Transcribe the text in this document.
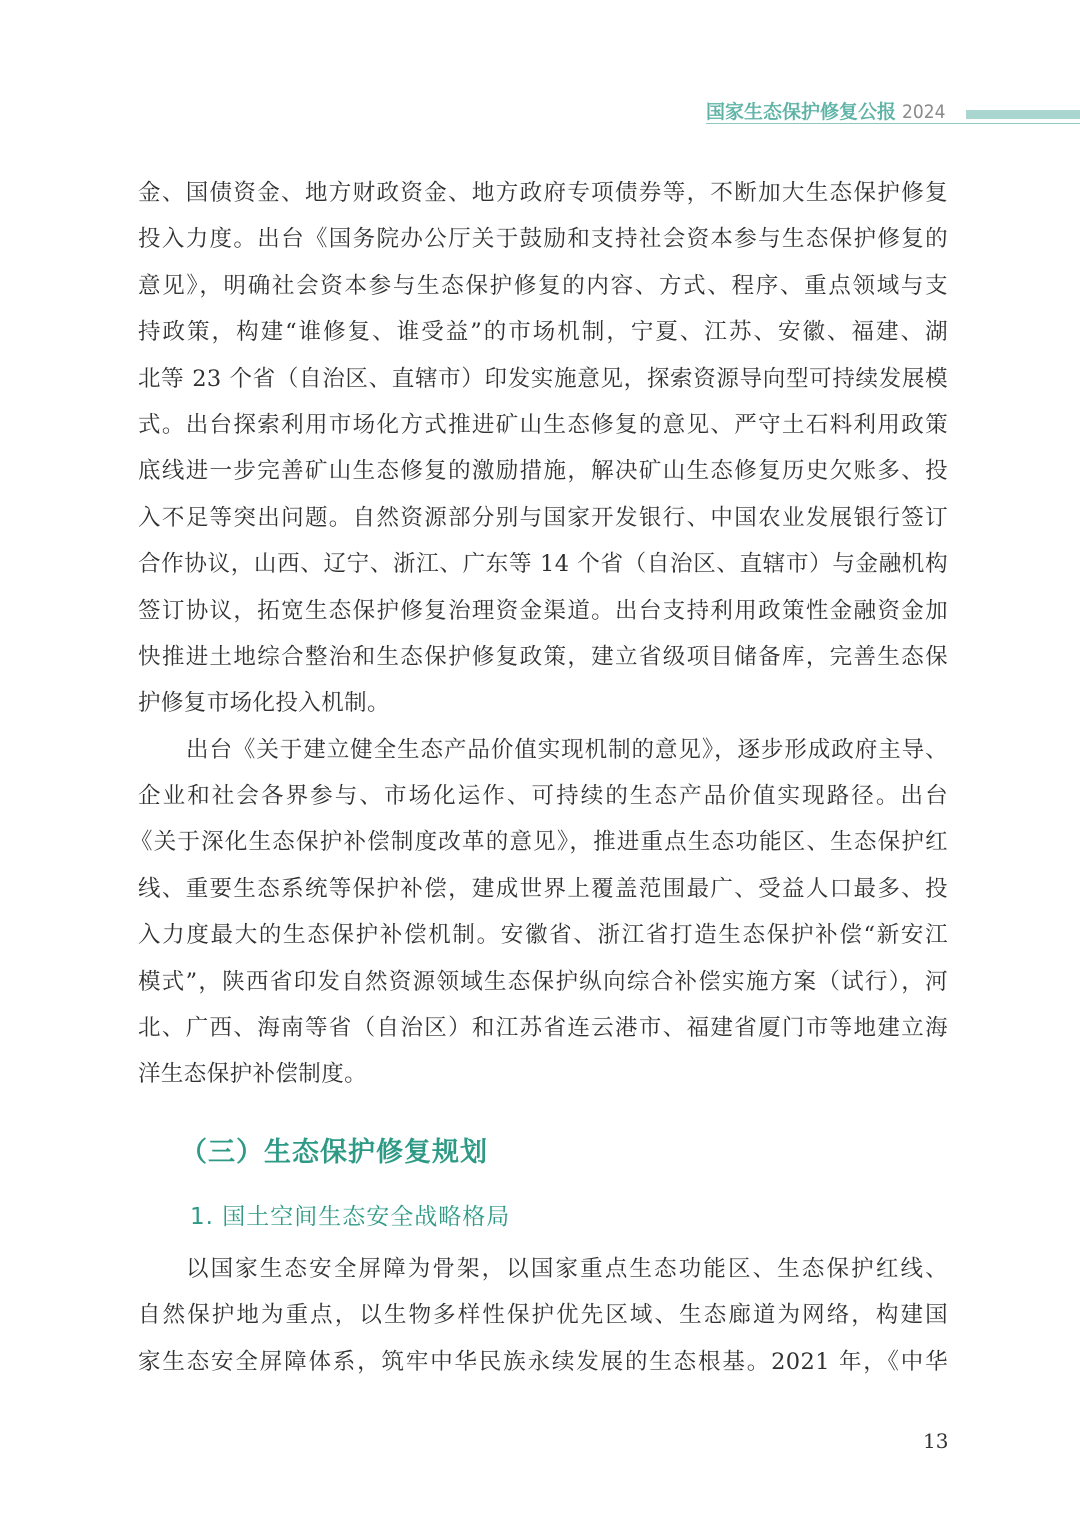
国家生态保护修复公报 2024
金、国债资金、地方财政资金、地方政府专项债券等，不断加大生态保护修复
投入力度。出台《国务院办公厅关于鼓励和支持社会资本参与生态保护修复的
意见》，明确社会资本参与生态保护修复的内容、方式、程序、重点领域与支
持政策，构建“谁修复、谁受益”的市场机制，宁夏、江苏、安徽、福建、湖
北等 23 个省（自治区、直辖市）印发实施意见，探索资源导向型可持续发展模
式。出台探索利用市场化方式推进矿山生态修复的意见、严守土石料利用政策
底线进一步完善矿山生态修复的激励措施，解决矿山生态修复历史欠账多、投
入不足等突出问题。自然资源部分别与国家开发银行、中国农业发展银行签订
合作协议，山西、辽宁、浙江、广东等 14 个省（自治区、直辖市）与金融机构
签订协议，拓宽生态保护修复治理资金渠道。出台支持利用政策性金融资金加
快推进土地综合整治和生态保护修复政策，建立省级项目储备库，完善生态保
护修复市场化投入机制。
出台《关于建立健全生态产品价值实现机制的意见》，逐步形成政府主导、
企业和社会各界参与、市场化运作、可持续的生态产品价值实现路径。出台
《关于深化生态保护补偿制度改革的意见》，推进重点生态功能区、生态保护红
线、重要生态系统等保护补偿，建成世界上覆盖范围最广、受益人口最多、投
入力度最大的生态保护补偿机制。安徽省、浙江省打造生态保护补偿“新安江
模式”，陕西省印发自然资源领域生态保护纵向综合补偿实施方案（试行），河
北、广西、海南等省（自治区）和江苏省连云港市、福建省厦门市等地建立海
洋生态保护补偿制度。
（三）生态保护修复规划
1. 国土空间生态安全战略格局
以国家生态安全屏障为骨架，以国家重点生态功能区、生态保护红线、
自然保护地为重点，以生物多样性保护优先区域、生态廊道为网络，构建国
家生态安全屏障体系，筑牢中华民族永续发展的生态根基。2021 年，《中华
13
